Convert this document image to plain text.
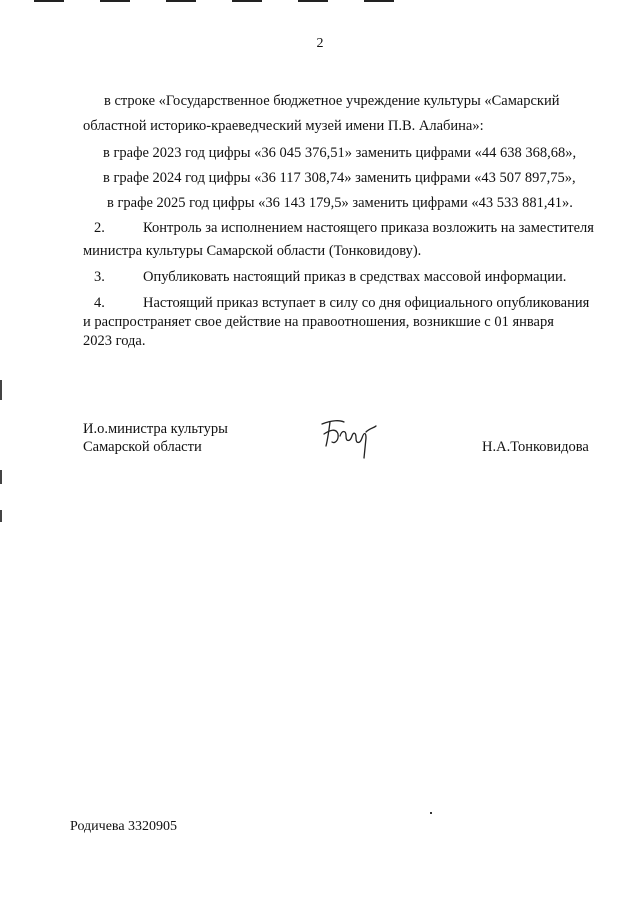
2
в строке «Государственное бюджетное учреждение культуры «Самарский
областной историко-краеведческий музей имени П.В. Алабина»:
в графе 2023 год цифры «36 045 376,51» заменить цифрами «44 638 368,68»,
в графе 2024 год цифры «36 117 308,74» заменить цифрами «43 507 897,75»,
в графе 2025 год цифры «36 143 179,5» заменить цифрами «43 533 881,41».
2.	Контроль за исполнением настоящего приказа возложить на заместителя
министра культуры Самарской области (Тонковидову).
3.	Опубликовать настоящий приказ в средствах массовой информации.
4.	Настоящий приказ вступает в силу со дня официального опубликования
и распространяет свое действие на правоотношения, возникшие с 01 января
2023 года.
И.о.министра культуры
Самарской области	Н.А.Тонковидова
Родичева 3320905
